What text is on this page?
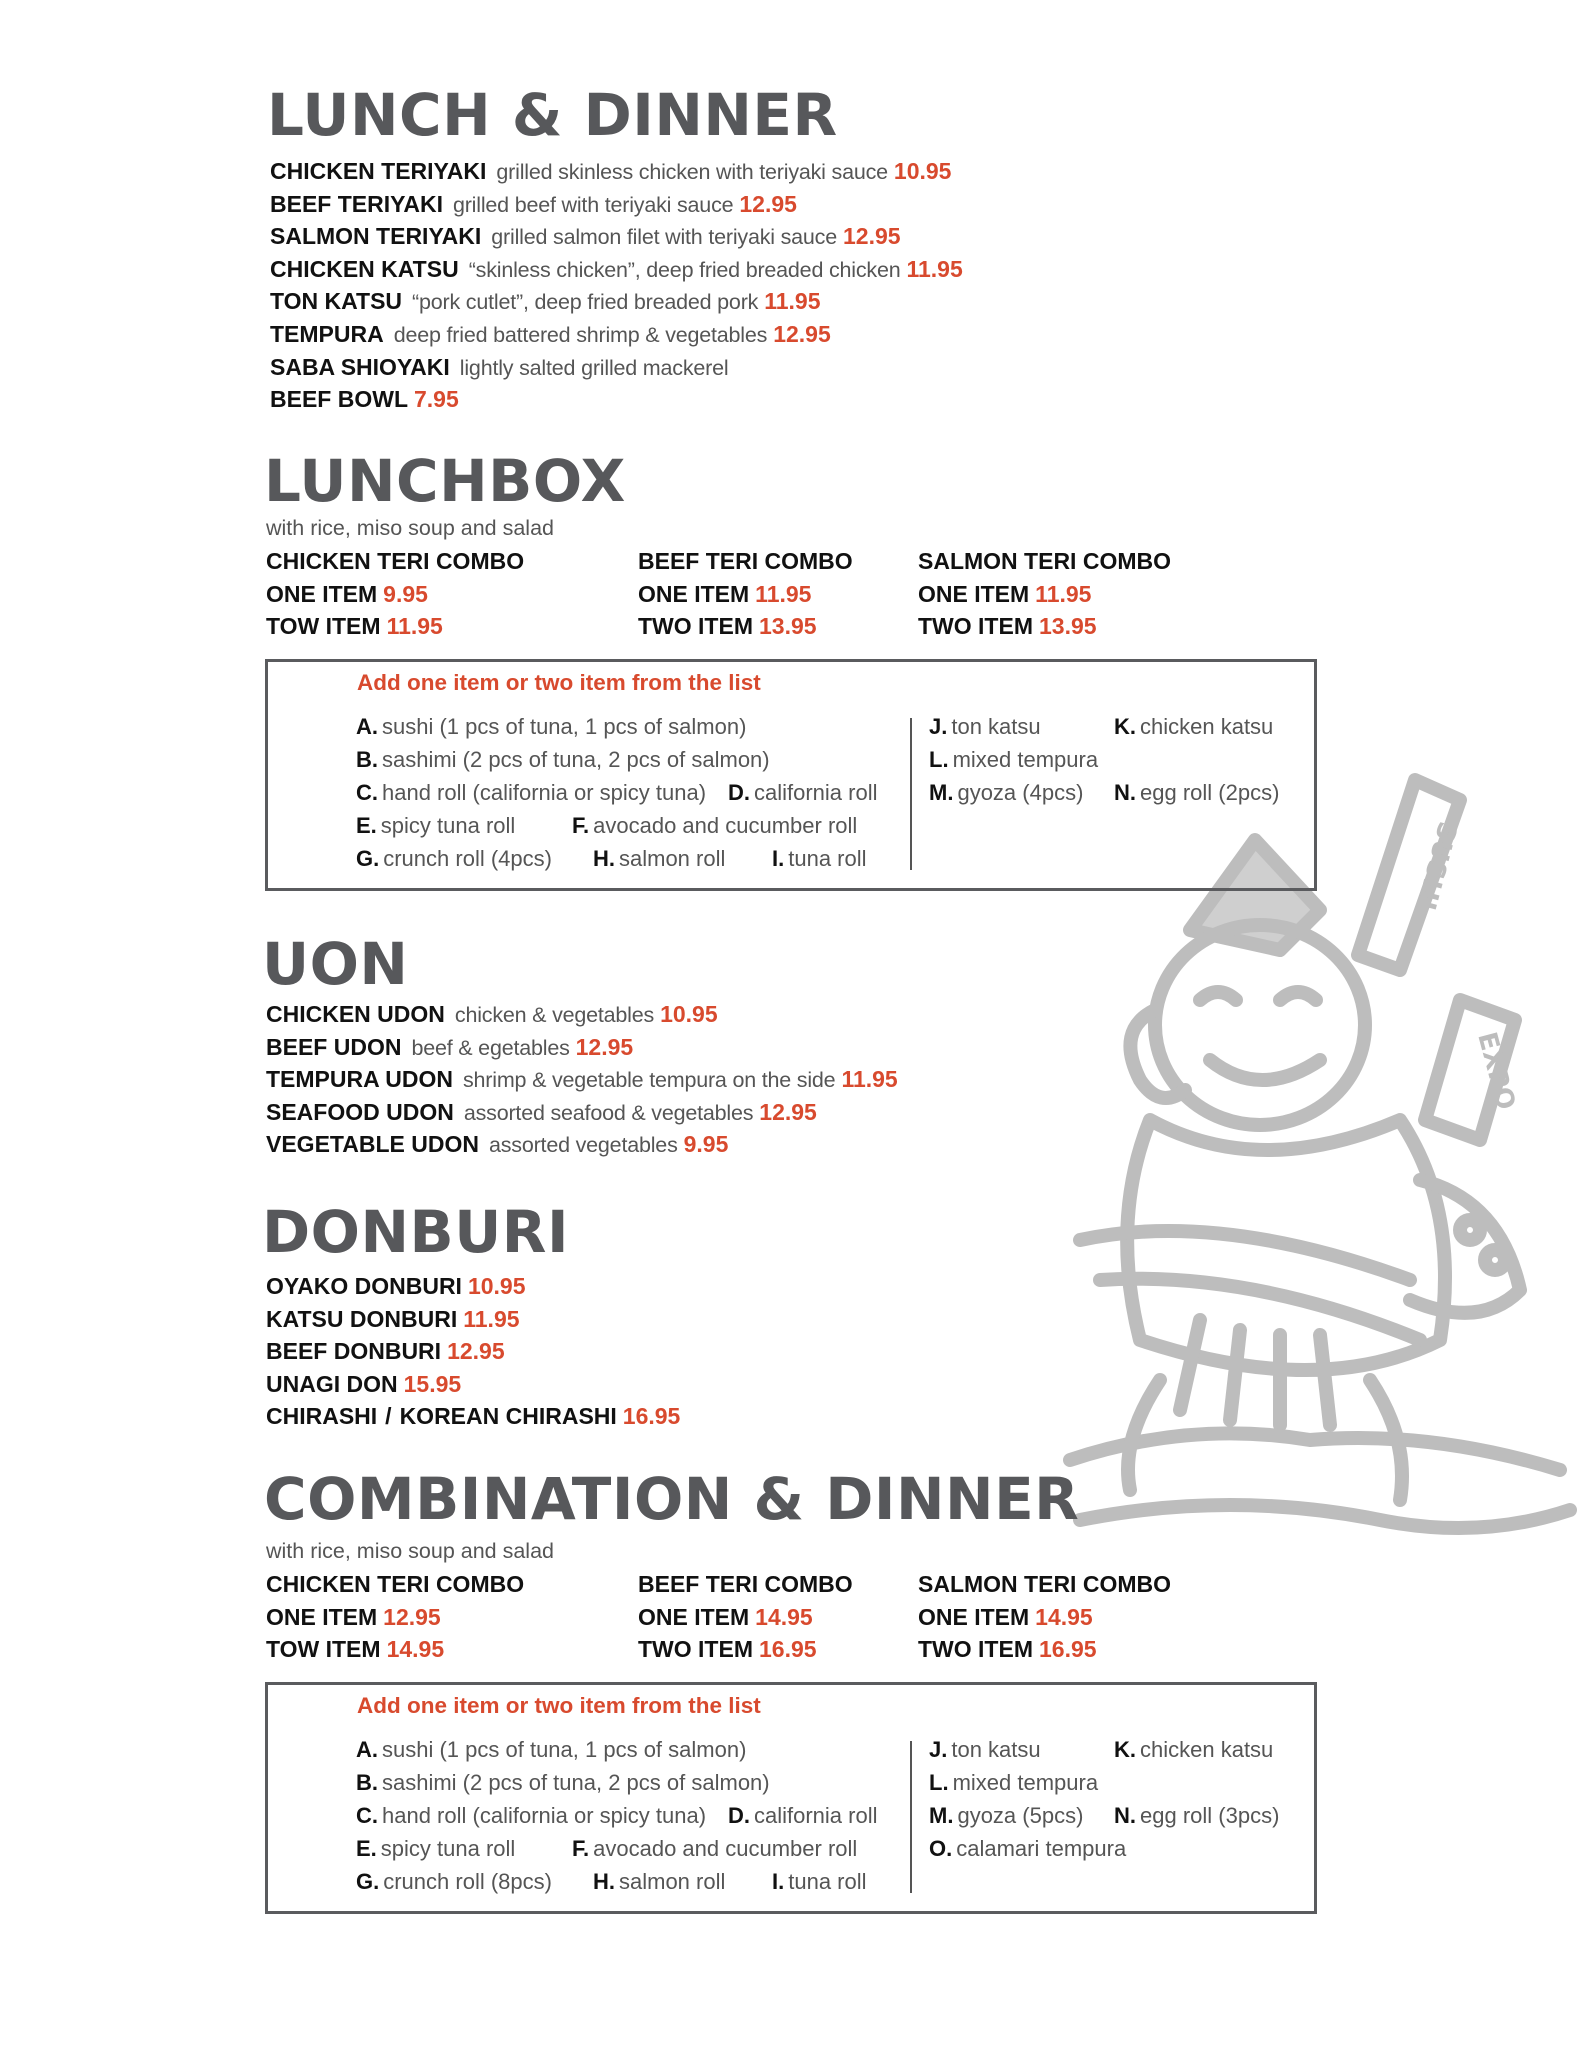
SUSHI
EXPO
LUNCH & DINNER
CHICKEN TERIYAKI grilled skinless chicken with teriyaki sauce 10.95
BEEF TERIYAKI grilled beef with teriyaki sauce 12.95
SALMON TERIYAKI grilled salmon filet with teriyaki sauce 12.95
CHICKEN KATSU “skinless chicken”, deep fried breaded chicken 11.95
TON KATSU “pork cutlet”, deep fried breaded pork 11.95
TEMPURA deep fried battered shrimp & vegetables 12.95
SABA SHIOYAKI lightly salted grilled mackerel
BEEF BOWL 7.95
LUNCHBOX
with rice, miso soup and salad
CHICKEN TERI COMBO
ONE ITEM 9.95
TOW ITEM 11.95
BEEF TERI COMBO
ONE ITEM 11.95
TWO ITEM 13.95
SALMON TERI COMBO
ONE ITEM 11.95
TWO ITEM 13.95
Add one item or two item from the list
A. sushi (1 pcs of tuna, 1 pcs of salmon)
B. sashimi (2 pcs of tuna, 2 pcs of salmon)
C. hand roll (california or spicy tuna) D. california roll
E. spicy tuna roll	F. avocado and cucumber roll
G. crunch roll (4pcs) H. salmon roll I. tuna roll
J. ton katsu	K. chicken katsu
L. mixed tempura
M. gyoza (4pcs) N. egg roll (2pcs)
UON
CHICKEN UDON chicken & vegetables 10.95
BEEF UDON beef & egetables 12.95
TEMPURA UDON shrimp & vegetable tempura on the side 11.95
SEAFOOD UDON assorted seafood & vegetables 12.95
VEGETABLE UDON assorted vegetables 9.95
DONBURI
OYAKO DONBURI 10.95
KATSU DONBURI 11.95
BEEF DONBURI 12.95
UNAGI DON 15.95
CHIRASHI / KOREAN CHIRASHI 16.95
COMBINATION & DINNER
with rice, miso soup and salad
CHICKEN TERI COMBO
ONE ITEM 12.95
TOW ITEM 14.95
BEEF TERI COMBO
ONE ITEM 14.95
TWO ITEM 16.95
SALMON TERI COMBO
ONE ITEM 14.95
TWO ITEM 16.95
Add one item or two item from the list
A. sushi (1 pcs of tuna, 1 pcs of salmon)
B. sashimi (2 pcs of tuna, 2 pcs of salmon)
C. hand roll (california or spicy tuna) D. california roll
E. spicy tuna roll	F. avocado and cucumber roll
G. crunch roll (8pcs) H. salmon roll I. tuna roll
J. ton katsu	K. chicken katsu
L. mixed tempura
M. gyoza (5pcs) N. egg roll (3pcs)
O. calamari tempura
